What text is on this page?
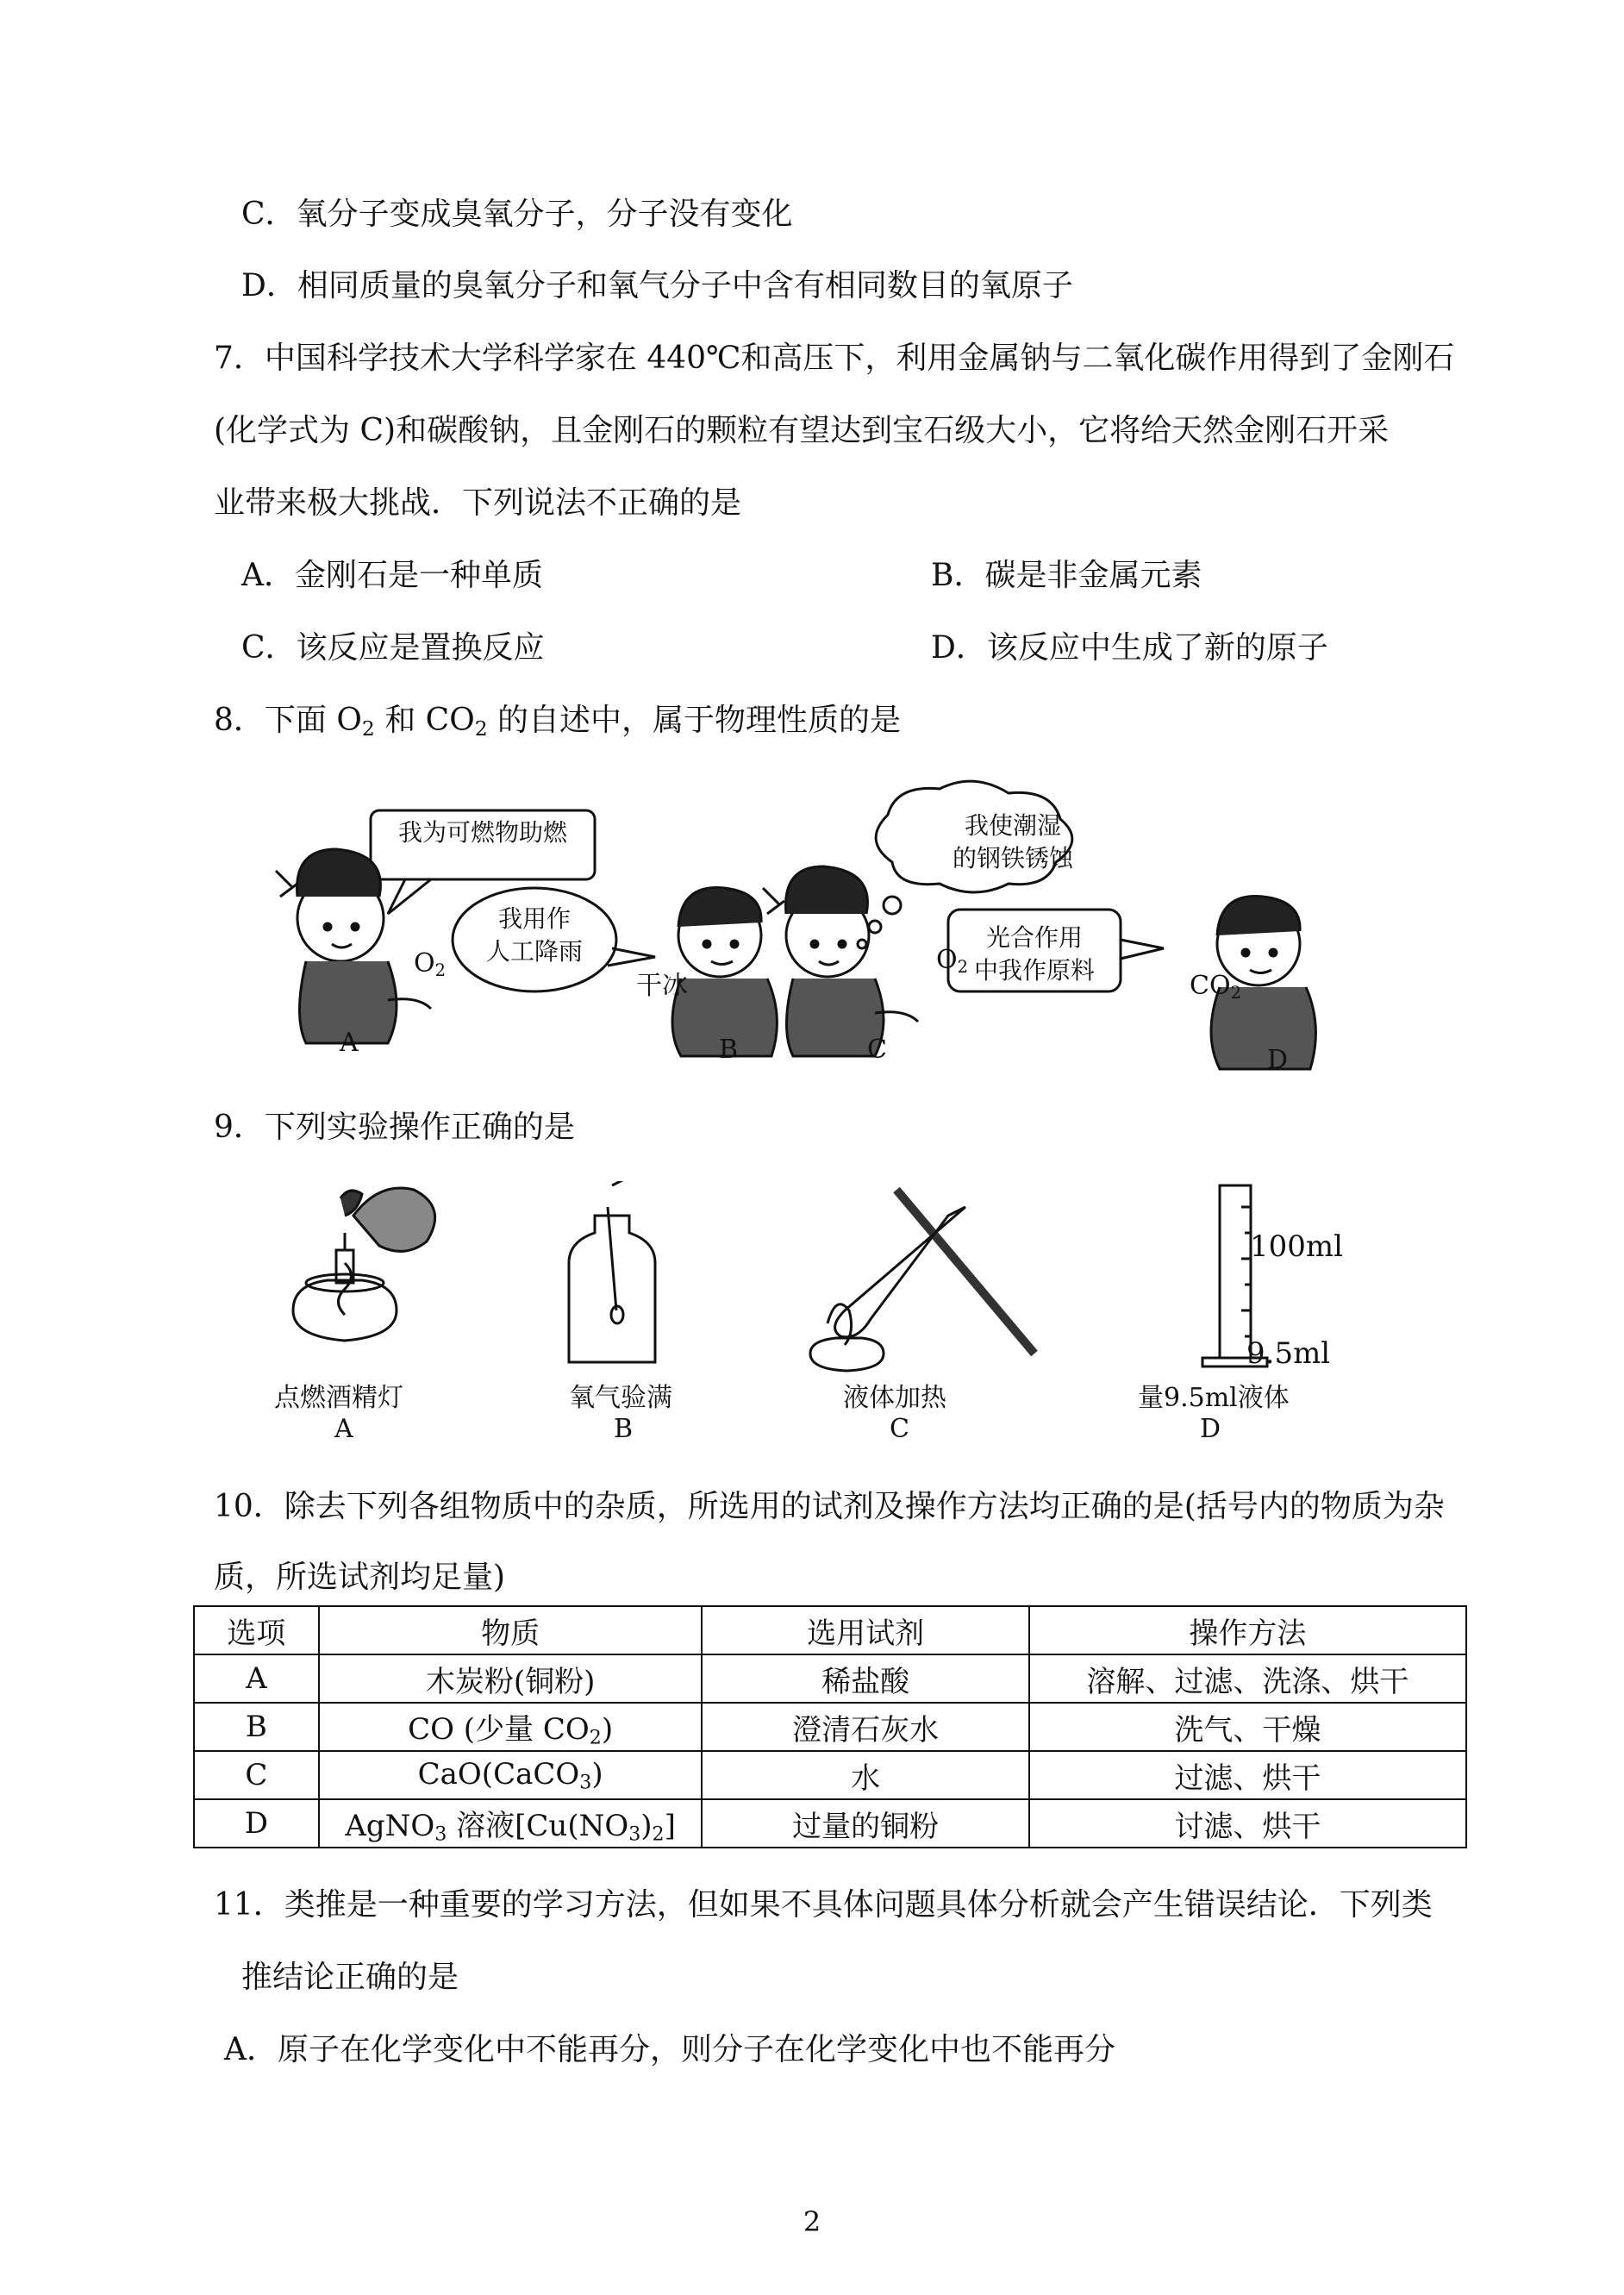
C．氧分子变成臭氧分子，分子没有变化
D．相同质量的臭氧分子和氧气分子中含有相同数目的氧原子
7．中国科学技术大学科学家在 440℃和高压下，利用金属钠与二氧化碳作用得到了金刚石
(化学式为 C)和碳酸钠，且金刚石的颗粒有望达到宝石级大小，它将给天然金刚石开采
业带来极大挑战．下列说法不正确的是
A．金刚石是一种单质	B．碳是非金属元素
C．该反应是置换反应	D．该反应中生成了新的原子
8．下面 $O_2$ 和 $CO_2$ 的自述中，属于物理性质的是
我为可燃物助燃
我用作
人工降雨
我使潮湿
的钢铁锈蚀
光合作用
中我作原料
$O_2$
干冰
$O_2$
$CO_2$
A	B	C	D
9．下列实验操作正确的是
100ml
9.5ml
点燃酒精灯
A
氧气验满
B
液体加热
C
量9.5ml液体
D
10．除去下列各组物质中的杂质，所选用的试剂及操作方法均正确的是(括号内的物质为杂
质，所选试剂均足量)
选项	物质	选用试剂	操作方法
A	木炭粉(铜粉)	稀盐酸	溶解、过滤、洗涤、烘干
B	CO (少量 $CO_2$)	澄清石灰水	洗气、干燥
C	CaO(CaCO$_3$)	水	过滤、烘干
D	AgNO$_3$ 溶液$[Cu(NO_3)_2]$	过量的铜粉	讨滤、烘干
11．类推是一种重要的学习方法，但如果不具体问题具体分析就会产生错误结论．下列类
推结论正确的是
A．原子在化学变化中不能再分，则分子在化学变化中也不能再分
2
